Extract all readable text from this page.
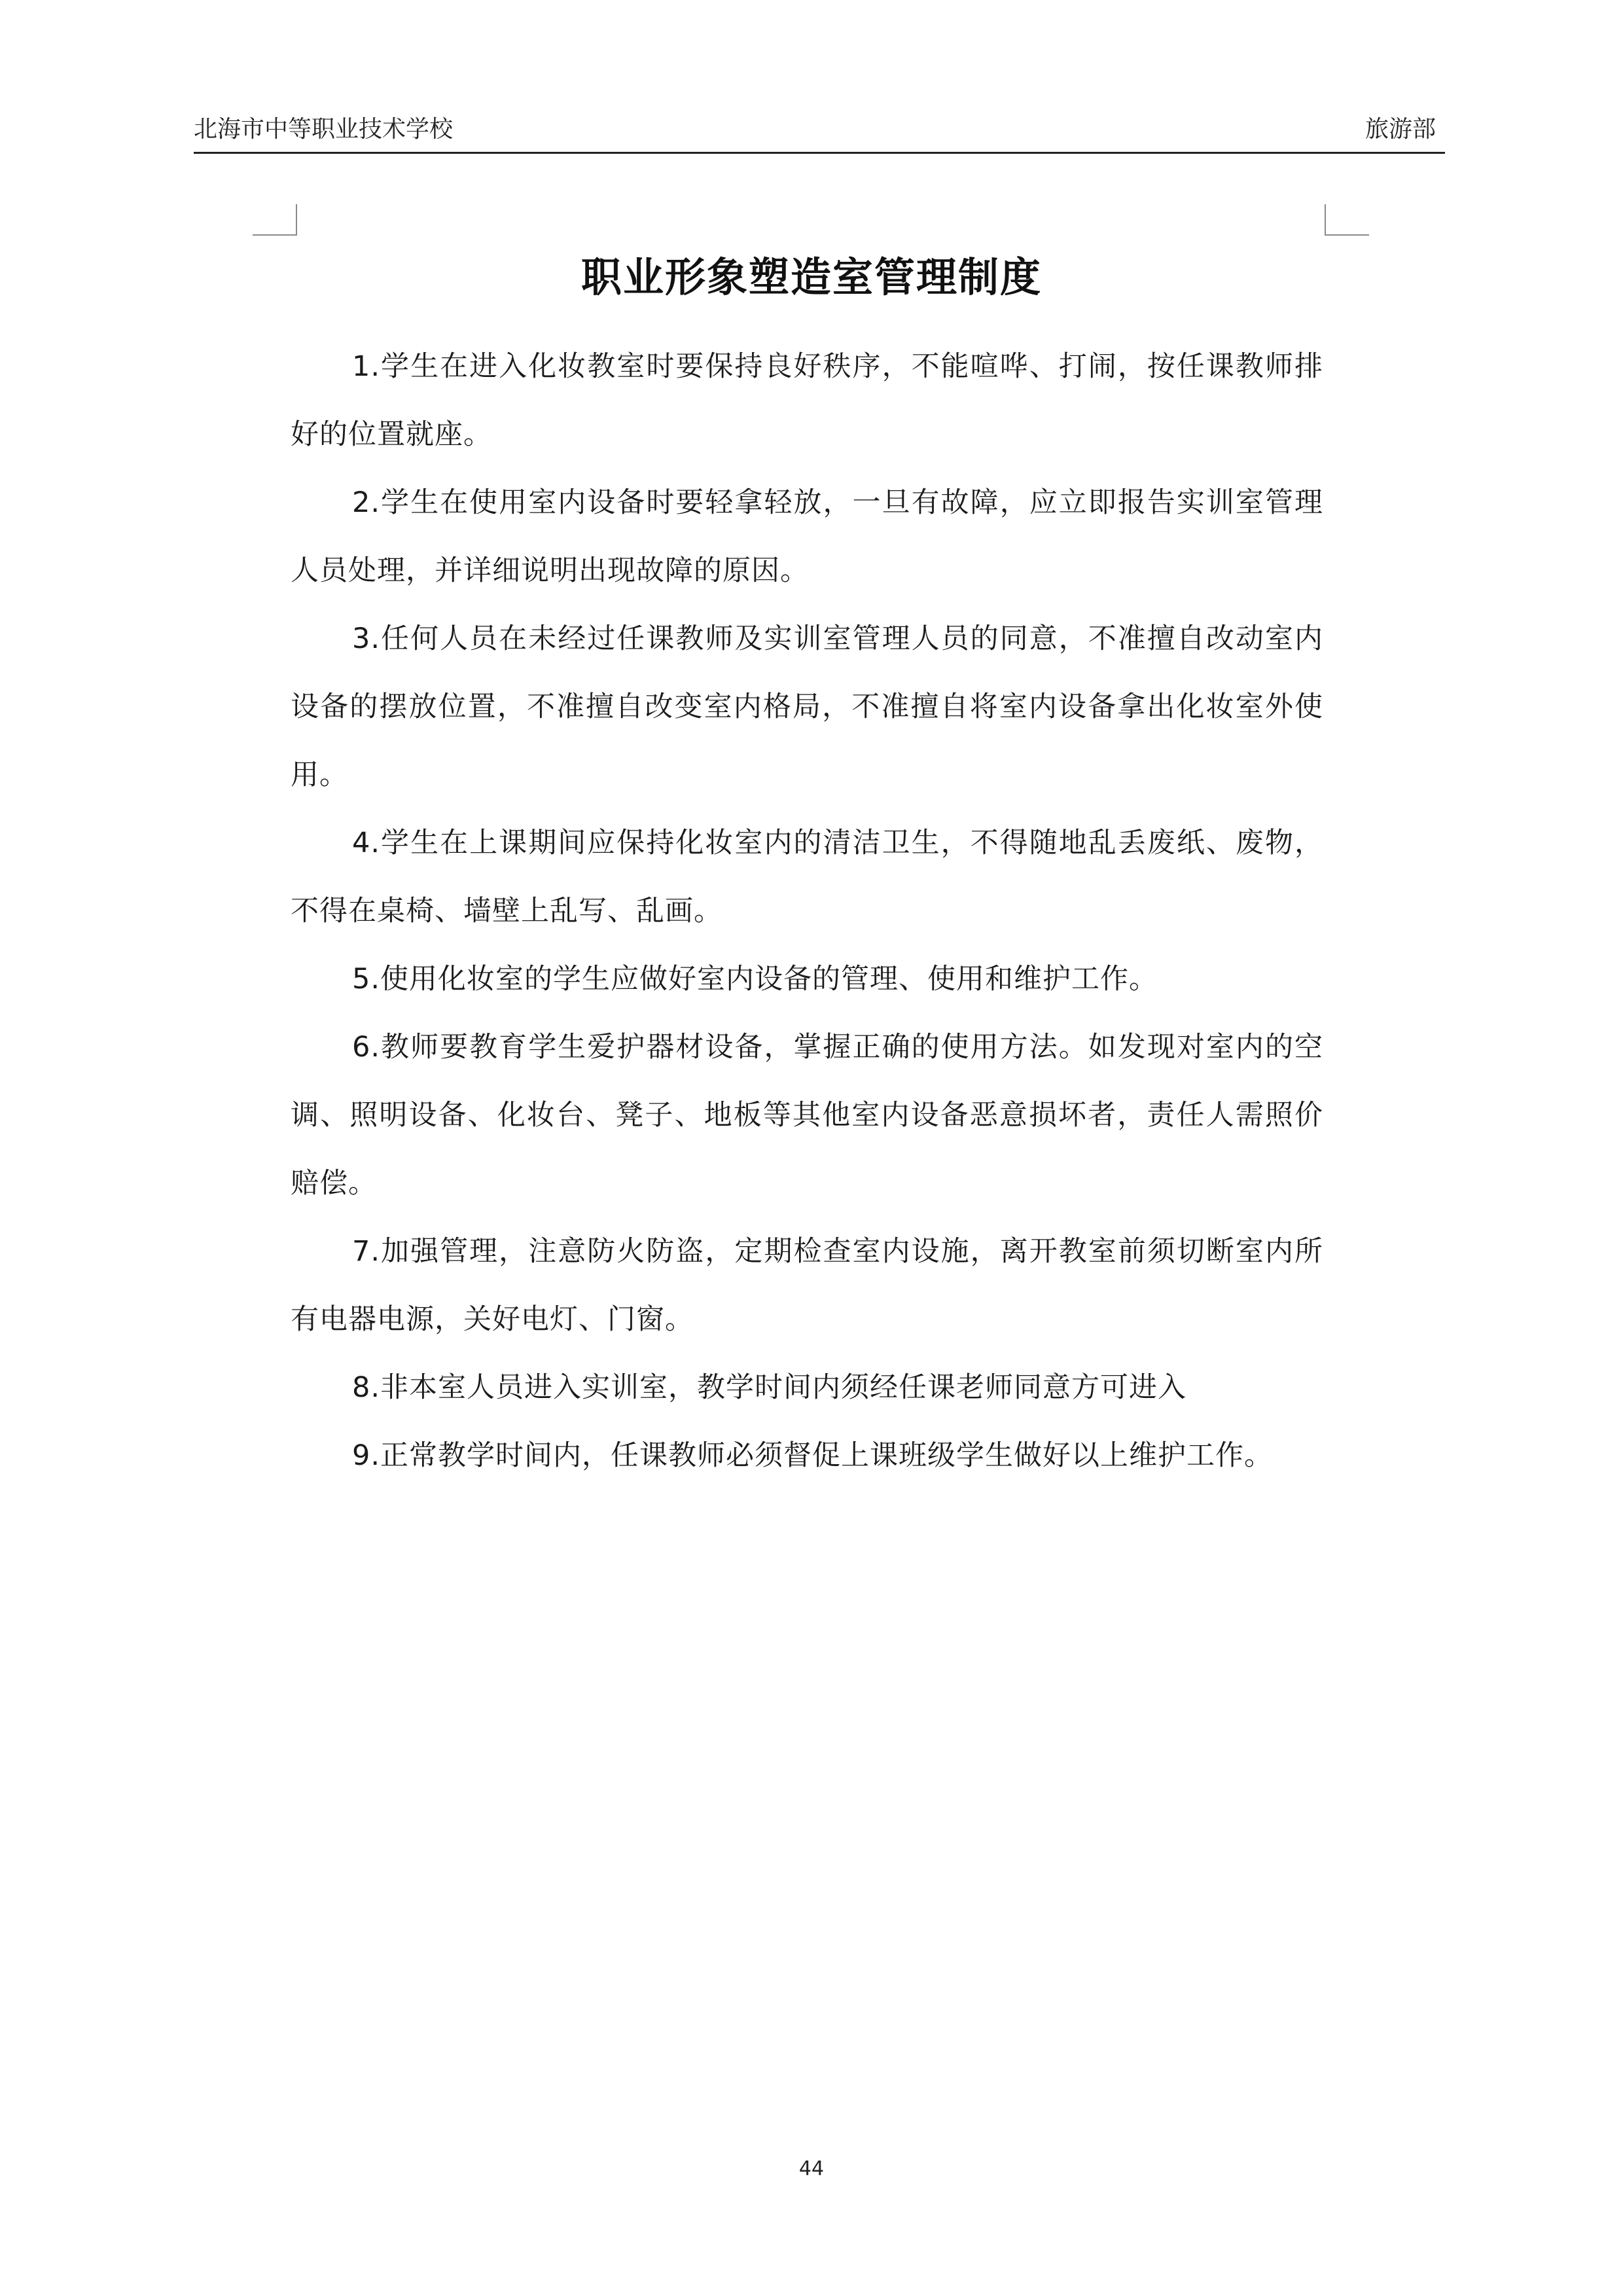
北海市中等职业技术学校	旅游部
职业形象塑造室管理制度

1.学生在进入化妆教室时要保持良好秩序，不能喧哗、打闹，按任课教师排好的位置就座。

2.学生在使用室内设备时要轻拿轻放，一旦有故障，应立即报告实训室管理人员处理，并详细说明出现故障的原因。

3.任何人员在未经过任课教师及实训室管理人员的同意，不准擅自改动室内设备的摆放位置，不准擅自改变室内格局，不准擅自将室内设备拿出化妆室外使用。

4.学生在上课期间应保持化妆室内的清洁卫生，不得随地乱丢废纸、废物，不得在桌椅、墙壁上乱写、乱画。

5.使用化妆室的学生应做好室内设备的管理、使用和维护工作。

6.教师要教育学生爱护器材设备，掌握正确的使用方法。如发现对室内的空调、照明设备、化妆台、凳子、地板等其他室内设备恶意损坏者，责任人需照价赔偿。

7.加强管理，注意防火防盗，定期检查室内设施，离开教室前须切断室内所有电器电源，关好电灯、门窗。

8.非本室人员进入实训室，教学时间内须经任课老师同意方可进入

9.正常教学时间内，任课教师必须督促上课班级学生做好以上维护工作。

44
